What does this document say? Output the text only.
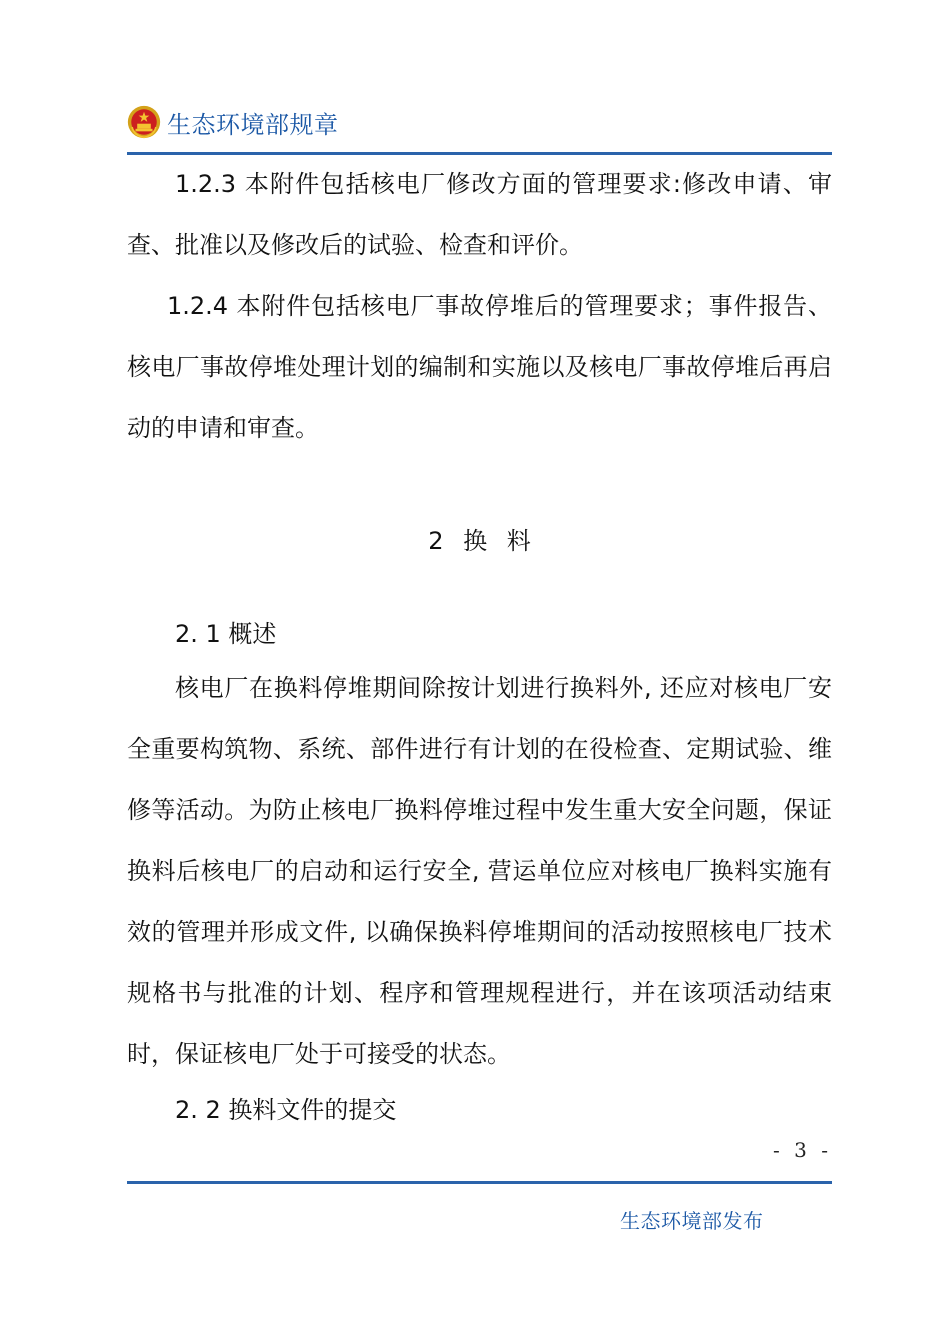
生态环境部规章

1.2.3 本附件包括核电厂修改方面的管理要求:修改申请、审查、批准以及修改后的试验、检查和评价。

1.2.4 本附件包括核电厂事故停堆后的管理要求；事件报告、核电厂事故停堆处理计划的编制和实施以及核电厂事故停堆后再启动的申请和审查。

2 换 料
2. 1 概述

核电厂在换料停堆期间除按计划进行换料外, 还应对核电厂安全重要构筑物、系统、部件进行有计划的在役检查、定期试验、维修等活动。为防止核电厂换料停堆过程中发生重大安全问题，保证换料后核电厂的启动和运行安全, 营运单位应对核电厂换料实施有效的管理并形成文件, 以确保换料停堆期间的活动按照核电厂技术规格书与批准的计划、程序和管理规程进行，并在该项活动结束时，保证核电厂处于可接受的状态。

2. 2 换料文件的提交
- 3 -
生态环境部发布
